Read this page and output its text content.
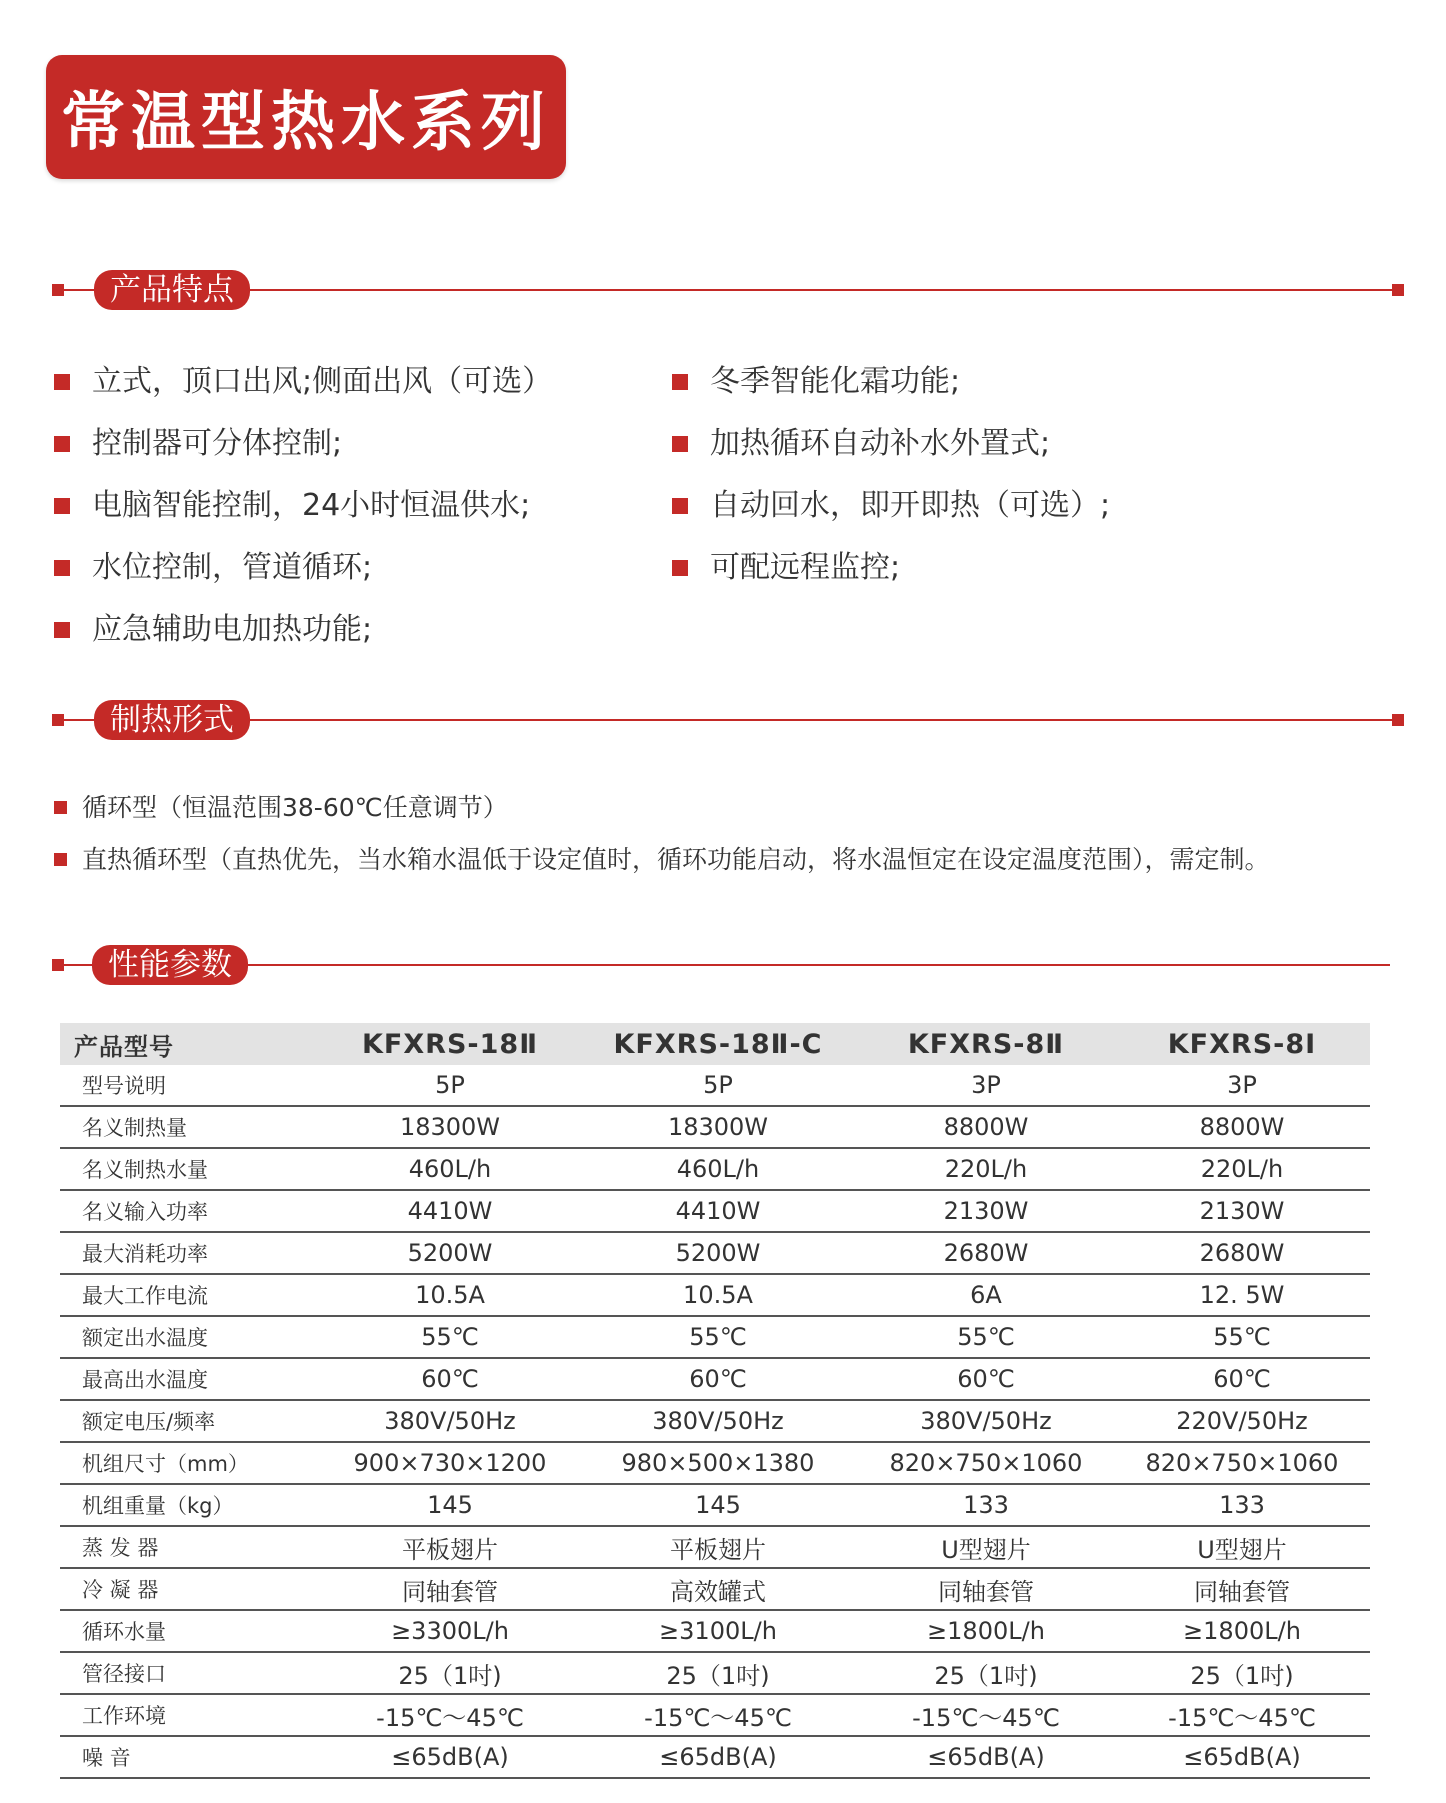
常温型热水系列
产品特点
立式，顶口出风;侧面出风（可选）
控制器可分体控制;
电脑智能控制，24小时恒温供水;
水位控制，管道循环;
应急辅助电加热功能;
冬季智能化霜功能;
加热循环自动补水外置式;
自动回水，即开即热（可选）;
可配远程监控;
制热形式
循环型（恒温范围38-60℃任意调节）
直热循环型（直热优先，当水箱水温低于设定值时，循环功能启动，将水温恒定在设定温度范围），需定制。
性能参数
产品型号	KFXRS-18Ⅱ	KFXRS-18Ⅱ-C	KFXRS-8Ⅱ	KFXRS-8Ⅰ
型号说明	5P	5P	3P	3P
名义制热量	18300W	18300W	8800W	8800W
名义制热水量	460L/h	460L/h	220L/h	220L/h
名义输入功率	4410W	4410W	2130W	2130W
最大消耗功率	5200W	5200W	2680W	2680W
最大工作电流	10.5A	10.5A	6A	12. 5W
额定出水温度	55℃	55℃	55℃	55℃
最高出水温度	60℃	60℃	60℃	60℃
额定电压/频率	380V/50Hz	380V/50Hz	380V/50Hz	220V/50Hz
机组尺寸（mm）	900×730×1200	980×500×1380	820×750×1060	820×750×1060
机组重量（kg）	145	145	133	133
蒸 发 器	平板翅片	平板翅片	U型翅片	U型翅片
冷 凝 器	同轴套管	高效罐式	同轴套管	同轴套管
循环水量	≥3300L/h	≥3100L/h	≥1800L/h	≥1800L/h
管径接口	25（1吋)	25（1吋)	25（1吋)	25（1吋)
工作环境	-15℃～45℃	-15℃～45℃	-15℃～45℃	-15℃～45℃
噪 音	≤65dB(A)	≤65dB(A)	≤65dB(A)	≤65dB(A)
